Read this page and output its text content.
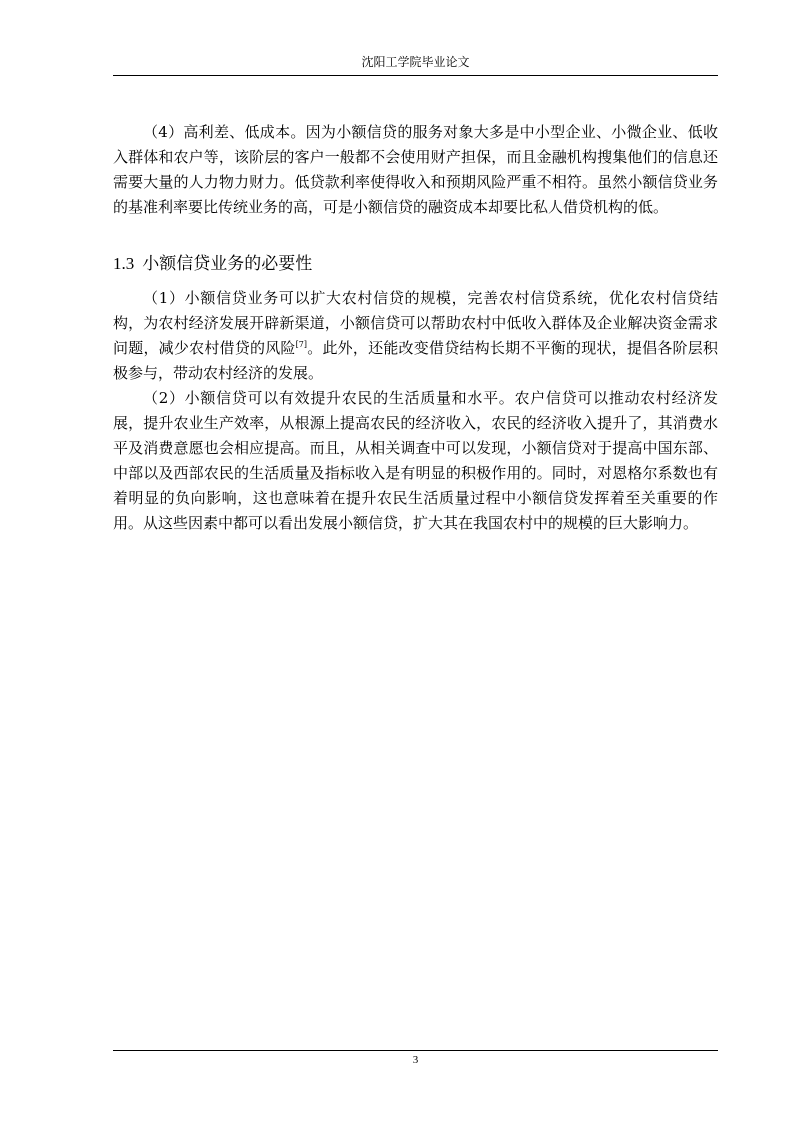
沈阳工学院毕业论文

（4）高利差、低成本。因为小额信贷的服务对象大多是中小型企业、小微企业、低收入群体和农户等，该阶层的客户一般都不会使用财产担保，而且金融机构搜集他们的信息还需要大量的人力物力财力。低贷款利率使得收入和预期风险严重不相符。虽然小额信贷业务的基准利率要比传统业务的高，可是小额信贷的融资成本却要比私人借贷机构的低。

1.3 小额信贷业务的必要性

（1）小额信贷业务可以扩大农村信贷的规模，完善农村信贷系统，优化农村信贷结构，为农村经济发展开辟新渠道，小额信贷可以帮助农村中低收入群体及企业解决资金需求问题，减少农村借贷的风险[7]。此外，还能改变借贷结构长期不平衡的现状，提倡各阶层积极参与，带动农村经济的发展。

（2）小额信贷可以有效提升农民的生活质量和水平。农户信贷可以推动农村经济发展，提升农业生产效率，从根源上提高农民的经济收入，农民的经济收入提升了，其消费水平及消费意愿也会相应提高。而且，从相关调查中可以发现，小额信贷对于提高中国东部、中部以及西部农民的生活质量及指标收入是有明显的积极作用的。同时，对恩格尔系数也有着明显的负向影响，这也意味着在提升农民生活质量过程中小额信贷发挥着至关重要的作用。从这些因素中都可以看出发展小额信贷，扩大其在我国农村中的规模的巨大影响力。

3
